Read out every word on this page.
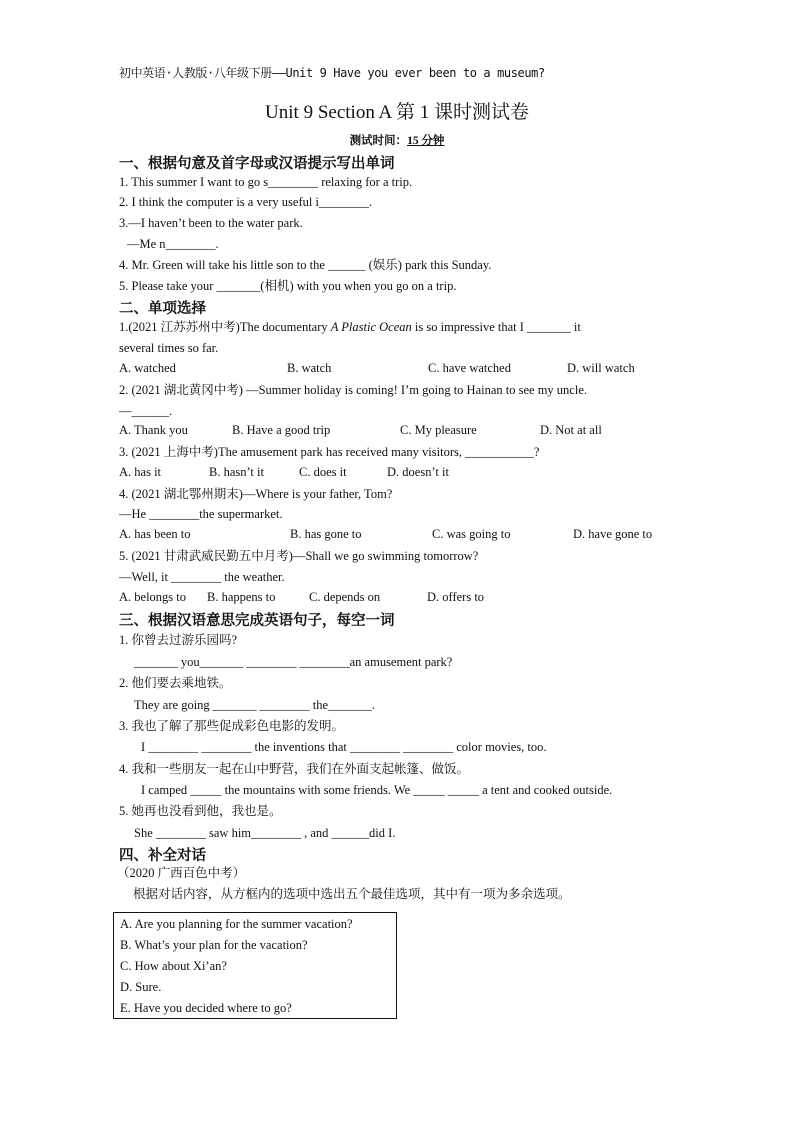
初中英语·人教版·八年级下册——Unit 9 Have you ever been to a museum?
Unit 9 Section A 第 1 课时测试卷
测试时间：15 分钟
一、根据句意及首字母或汉语提示写出单词
1. This summer I want to go s________ relaxing for a trip.
2. I think the computer is a very useful i________.
3.—I haven’t been to the water park.
—Me n________.
4. Mr. Green will take his little son to the ______ (娱乐) park this Sunday.
5. Please take your _______(相机) with you when you go on a trip.
二、单项选择
1.(2021 江苏苏州中考)The documentary A Plastic Ocean is so impressive that I _______ it
several times so far.
A. watched	B. watch	C. have watched	D. will watch
2. (2021 湖北黄冈中考) —Summer holiday is coming! I’m going to Hainan to see my uncle.
—______.
A. Thank you	B. Have a good trip	C. My pleasure	D. Not at all
3. (2021 上海中考)The amusement park has received many visitors, ___________?
A. has it	B. hasn’t it	C. does it	D. doesn’t it
4. (2021 湖北鄂州期末)—Where is your father, Tom?
—He ________the supermarket.
A. has been to	B. has gone to	C. was going to	D. have gone to
5. (2021 甘肃武威民勤五中月考)—Shall we go swimming tomorrow?
—Well, it ________ the weather.
A. belongs to B. happens to	C. depends on	D. offers to
三、根据汉语意思完成英语句子，每空一词
1. 你曾去过游乐园吗?
_______ you_______ ________ ________an amusement park?
2. 他们要去乘地铁。
They are going _______ ________ the_______.
3. 我也了解了那些促成彩色电影的发明。
I ________ ________ the inventions that ________ ________ color movies, too.
4. 我和一些朋友一起在山中野营，我们在外面支起帐篷、做饭。
I camped _____ the mountains with some friends. We _____ _____ a tent and cooked outside.
5. 她再也没看到他，我也是。
She ________ saw him________ , and ______did I.
四、补全对话
（2020 广西百色中考）
根据对话内容，从方框内的选项中选出五个最佳选项，其中有一项为多余选项。
A. Are you planning for the summer vacation?
B. What’s your plan for the vacation?
C. How about Xi’an?
D. Sure.
E. Have you decided where to go?
